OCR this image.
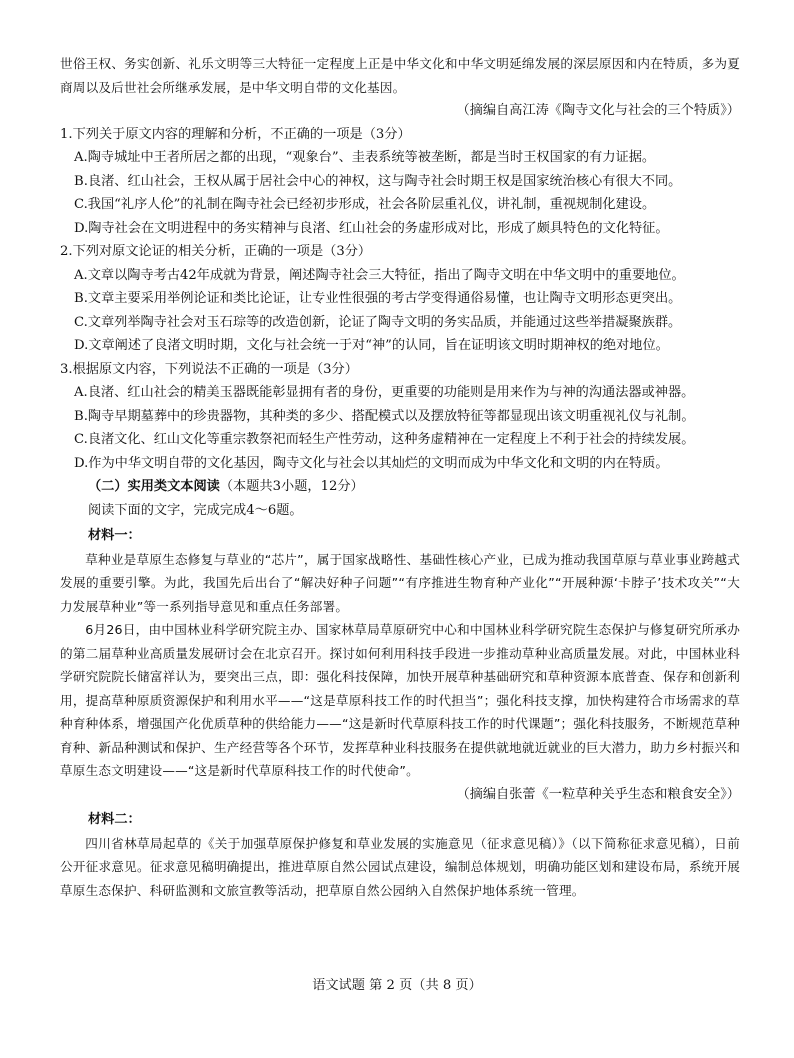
世俗王权、务实创新、礼乐文明等三大特征一定程度上正是中华文化和中华文明延绵发展的深层原因和内在特质，多为夏商周以及后世社会所继承发展，是中华文明自带的文化基因。

（摘编自高江涛《陶寺文化与社会的三个特质》）

1.下列关于原文内容的理解和分析，不正确的一项是（3分）

A.陶寺城址中王者所居之都的出现，“观象台”、圭表系统等被垄断，都是当时王权国家的有力证据。

B.良渚、红山社会，王权从属于居社会中心的神权，这与陶寺社会时期王权是国家统治核心有很大不同。

C.我国“礼序人伦”的礼制在陶寺社会已经初步形成，社会各阶层重礼仪，讲礼制，重视规制化建设。

D.陶寺社会在文明进程中的务实精神与良渚、红山社会的务虚形成对比，形成了颇具特色的文化特征。

2.下列对原文论证的相关分析，正确的一项是（3分）

A.文章以陶寺考古42年成就为背景，阐述陶寺社会三大特征，指出了陶寺文明在中华文明中的重要地位。

B.文章主要采用举例论证和类比论证，让专业性很强的考古学变得通俗易懂，也让陶寺文明形态更突出。

C.文章列举陶寺社会对玉石琮等的改造创新，论证了陶寺文明的务实品质，并能通过这些举措凝聚族群。

D.文章阐述了良渚文明时期，文化与社会统一于对“神”的认同，旨在证明该文明时期神权的绝对地位。

3.根据原文内容，下列说法不正确的一项是（3分）

A.良渚、红山社会的精美玉器既能彰显拥有者的身份，更重要的功能则是用来作为与神的沟通法器或神器。

B.陶寺早期墓葬中的珍贵器物，其种类的多少、搭配模式以及摆放特征等都显现出该文明重视礼仪与礼制。

C.良渚文化、红山文化等重宗教祭祀而轻生产性劳动，这种务虚精神在一定程度上不利于社会的持续发展。

D.作为中华文明自带的文化基因，陶寺文化与社会以其灿烂的文明而成为中华文化和文明的内在特质。

（二）实用类文本阅读（本题共3小题，12分）

阅读下面的文字，完成完成4～6题。

材料一：

草种业是草原生态修复与草业的“芯片”，属于国家战略性、基础性核心产业，已成为推动我国草原与草业事业跨越式发展的重要引擎。为此，我国先后出台了“解决好种子问题”“有序推进生物育种产业化”“开展种源‘卡脖子’技术攻关”“大力发展草种业”等一系列指导意见和重点任务部署。

6月26日，由中国林业科学研究院主办、国家林草局草原研究中心和中国林业科学研究院生态保护与修复研究所承办的第二届草种业高质量发展研讨会在北京召开。探讨如何利用科技手段进一步推动草种业高质量发展。对此，中国林业科学研究院院长储富祥认为，要突出三点，即：强化科技保障，加快开展草种基础研究和草种资源本底普查、保存和创新利用，提高草种原质资源保护和利用水平——“这是草原科技工作的时代担当”；强化科技支撑，加快构建符合市场需求的草种育种体系，增强国产化优质草种的供给能力——“这是新时代草原科技工作的时代课题”；强化科技服务，不断规范草种育种、新品种测试和保护、生产经营等各个环节，发挥草种业科技服务在提供就地就近就业的巨大潜力，助力乡村振兴和草原生态文明建设——“这是新时代草原科技工作的时代使命”。

（摘编自张蕾《一粒草种关乎生态和粮食安全》）

材料二：

四川省林草局起草的《关于加强草原保护修复和草业发展的实施意见（征求意见稿）》（以下简称征求意见稿），日前公开征求意见。征求意见稿明确提出，推进草原自然公园试点建设，编制总体规划，明确功能区划和建设布局，系统开展草原生态保护、科研监测和文旅宣教等活动，把草原自然公园纳入自然保护地体系统一管理。

语文试题 第 2 页（共 8 页）
